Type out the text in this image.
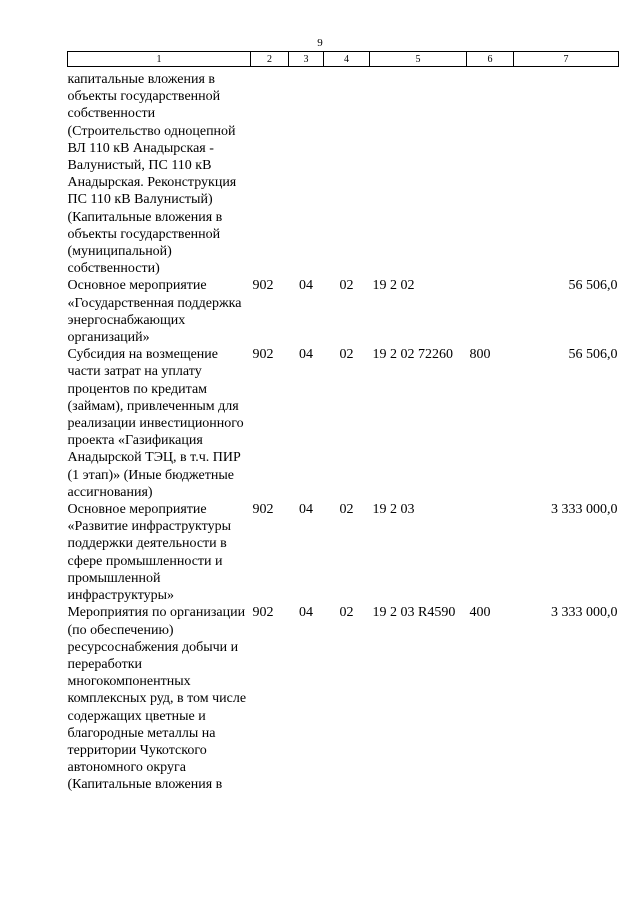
9
1	2	3	4	5	6	7
капитальные вложения в объекты государственной собственности (Строительство одноцепной ВЛ 110 кВ Анадырская - Валунистый, ПС 110 кВ Анадырская. Реконструкция ПС 110 кВ Валунистый) (Капитальные вложения в объекты государственной (муниципальной) собственности)						
Основное мероприятие «Государственная поддержка энергоснабжающих организаций»	902	04	02	19 2 02		56 506,0
Субсидия на возмещение части затрат на уплату процентов по кредитам (займам), привлеченным для реализации инвестиционного проекта «Газификация Анадырской ТЭЦ, в т.ч. ПИР (1 этап)» (Иные бюджетные ассигнования)	902	04	02	19 2 02 72260	800	56 506,0
Основное мероприятие «Развитие инфраструктуры поддержки деятельности в сфере промышленности и промышленной инфраструктуры»	902	04	02	19 2 03		3 333 000,0
Мероприятия по организации (по обеспечению) ресурсоснабжения добычи и переработки многокомпонентных комплексных руд, в том числе содержащих цветные и благородные металлы на территории Чукотского автономного округа (Капитальные вложения в	902	04	02	19 2 03 R4590	400	3 333 000,0
